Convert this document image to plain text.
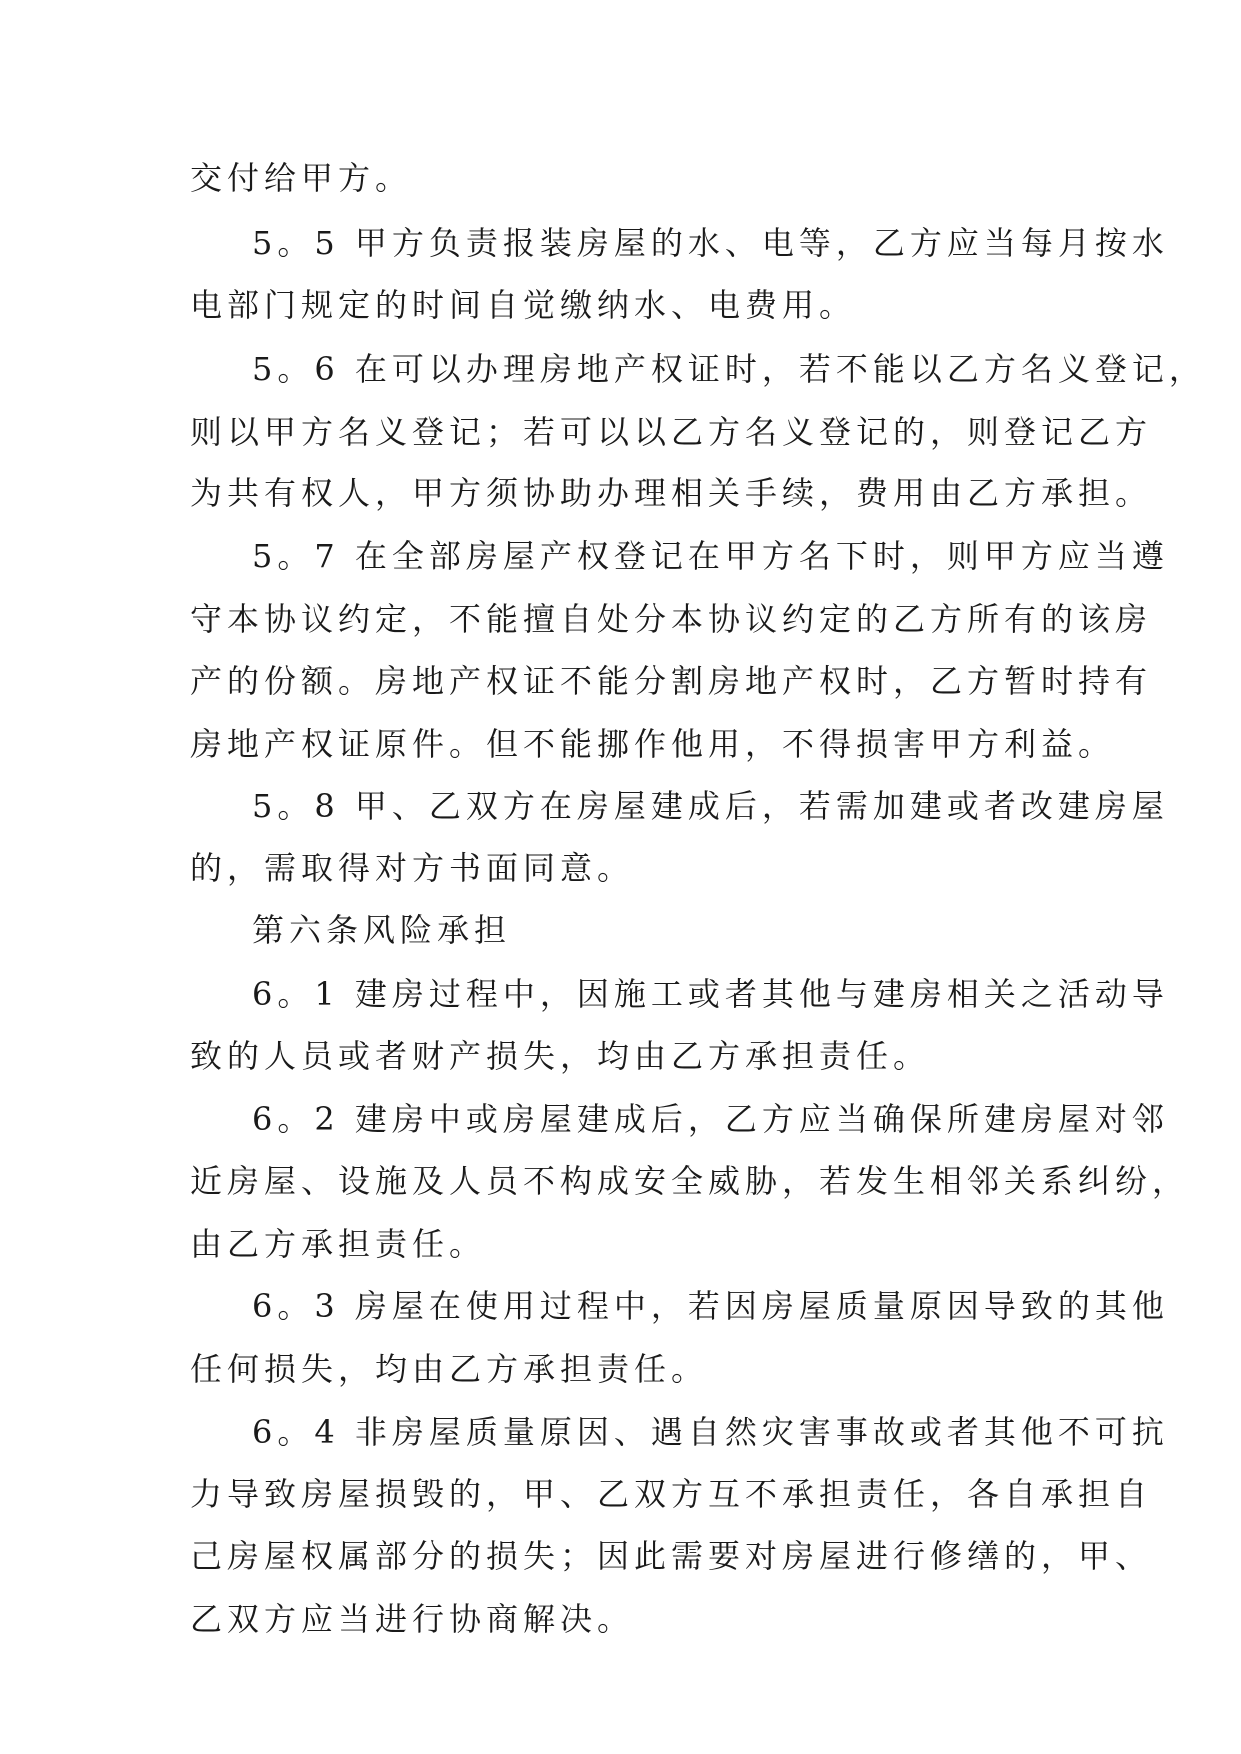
交付给甲方。
5。5 甲方负责报装房屋的水、电等，乙方应当每月按水
电部门规定的时间自觉缴纳水、电费用。
5。6 在可以办理房地产权证时，若不能以乙方名义登记，
则以甲方名义登记；若可以以乙方名义登记的，则登记乙方
为共有权人，甲方须协助办理相关手续，费用由乙方承担。
5。7 在全部房屋产权登记在甲方名下时，则甲方应当遵
守本协议约定，不能擅自处分本协议约定的乙方所有的该房
产的份额。房地产权证不能分割房地产权时，乙方暂时持有
房地产权证原件。但不能挪作他用，不得损害甲方利益。
5。8 甲、乙双方在房屋建成后，若需加建或者改建房屋
的，需取得对方书面同意。
第六条风险承担
6。1 建房过程中，因施工或者其他与建房相关之活动导
致的人员或者财产损失，均由乙方承担责任。
6。2 建房中或房屋建成后，乙方应当确保所建房屋对邻
近房屋、设施及人员不构成安全威胁，若发生相邻关系纠纷，
由乙方承担责任。
6。3 房屋在使用过程中，若因房屋质量原因导致的其他
任何损失，均由乙方承担责任。
6。4 非房屋质量原因、遇自然灾害事故或者其他不可抗
力导致房屋损毁的，甲、乙双方互不承担责任，各自承担自
己房屋权属部分的损失；因此需要对房屋进行修缮的，甲、
乙双方应当进行协商解决。
